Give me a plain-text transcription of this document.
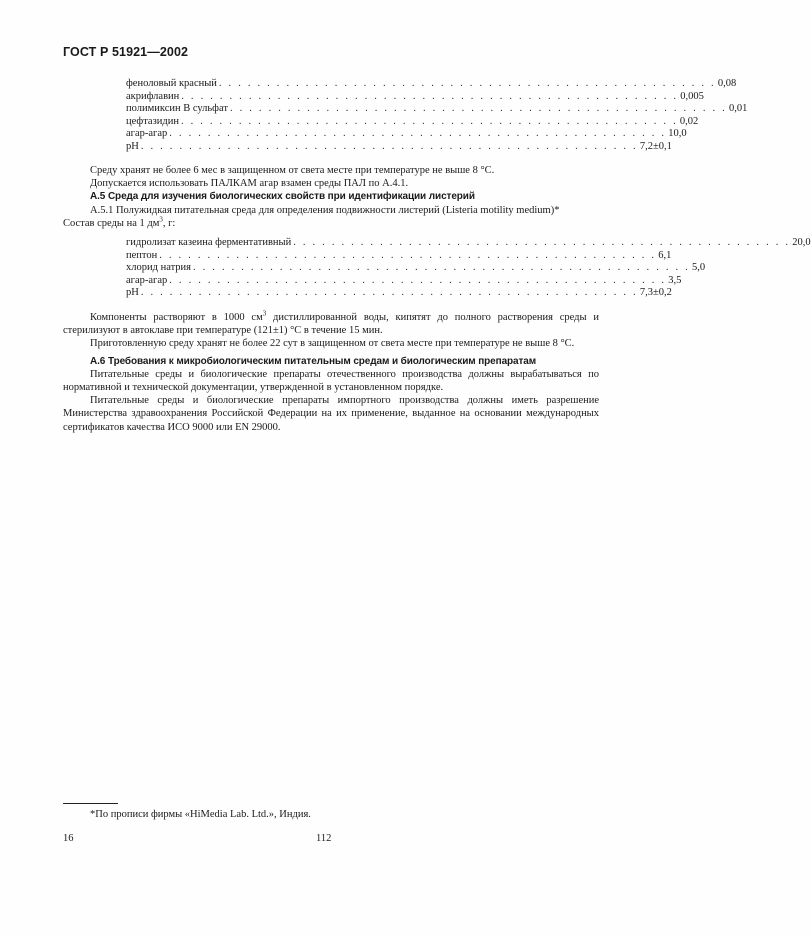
ГОСТ Р 51921—2002
феноловый красный . . . . . . . . . . . . . . . . . . . . . . . . . . . . . . . . . . . . . . . . . . . . . . . . . . . . 0,08
акрифлавин . . . . . . . . . . . . . . . . . . . . . . . . . . . . . . . . . . . . . . . . . . . . . . . . . . . . 0,005
полимиксин В сульфат . . . . . . . . . . . . . . . . . . . . . . . . . . . . . . . . . . . . . . . . . . . . . . . . . . . . 0,01
цефтазидин . . . . . . . . . . . . . . . . . . . . . . . . . . . . . . . . . . . . . . . . . . . . . . . . . . . . 0,02
агар-агар . . . . . . . . . . . . . . . . . . . . . . . . . . . . . . . . . . . . . . . . . . . . . . . . . . . . 10,0
pH . . . . . . . . . . . . . . . . . . . . . . . . . . . . . . . . . . . . . . . . . . . . . . . . . . . . 7,2±0,1

Среду хранят не более 6 мес в защищенном от света месте при температуре не выше 8 °С.

Допускается использовать ПАЛКАМ агар взамен среды ПАЛ по А.4.1.

А.5 Среда для изучения биологических свойств при идентификации листерий

А.5.1 Полужидкая питательная среда для определения подвижности листерий (Listeria motility medium)*

Состав среды на 1 $дм^3$, г:

гидролизат казеина ферментативный . . . . . . . . . . . . . . . . . . . . . . . . . . . . . . . . . . . . . . . . . . . . . . . . . . . . 20,0
пептон . . . . . . . . . . . . . . . . . . . . . . . . . . . . . . . . . . . . . . . . . . . . . . . . . . . . 6,1
хлорид натрия . . . . . . . . . . . . . . . . . . . . . . . . . . . . . . . . . . . . . . . . . . . . . . . . . . . . 5,0
агар-агар . . . . . . . . . . . . . . . . . . . . . . . . . . . . . . . . . . . . . . . . . . . . . . . . . . . . 3,5
pH . . . . . . . . . . . . . . . . . . . . . . . . . . . . . . . . . . . . . . . . . . . . . . . . . . . . 7,3±0,2

Компоненты растворяют в 1000 $см^3$ дистиллированной воды, кипятят до полного растворения среды и стерилизуют в автоклаве при температуре (121±1) °С в течение 15 мин.

Приготовленную среду хранят не более 22 сут в защищенном от света месте при температуре не выше 8 °С.

А.6 Требования к микробиологическим питательным средам и биологическим препаратам

Питательные среды и биологические препараты отечественного производства должны вырабатываться по нормативной и технической документации, утвержденной в установленном порядке.

Питательные среды и биологические препараты импортного производства должны иметь разрешение Министерства здравоохранения Российской Федерации на их применение, выданное на основании международных сертификатов качества ИСО 9000 или EN 29000.

*По прописи фирмы «HiMedia Lab. Ltd.», Индия.
16	112
